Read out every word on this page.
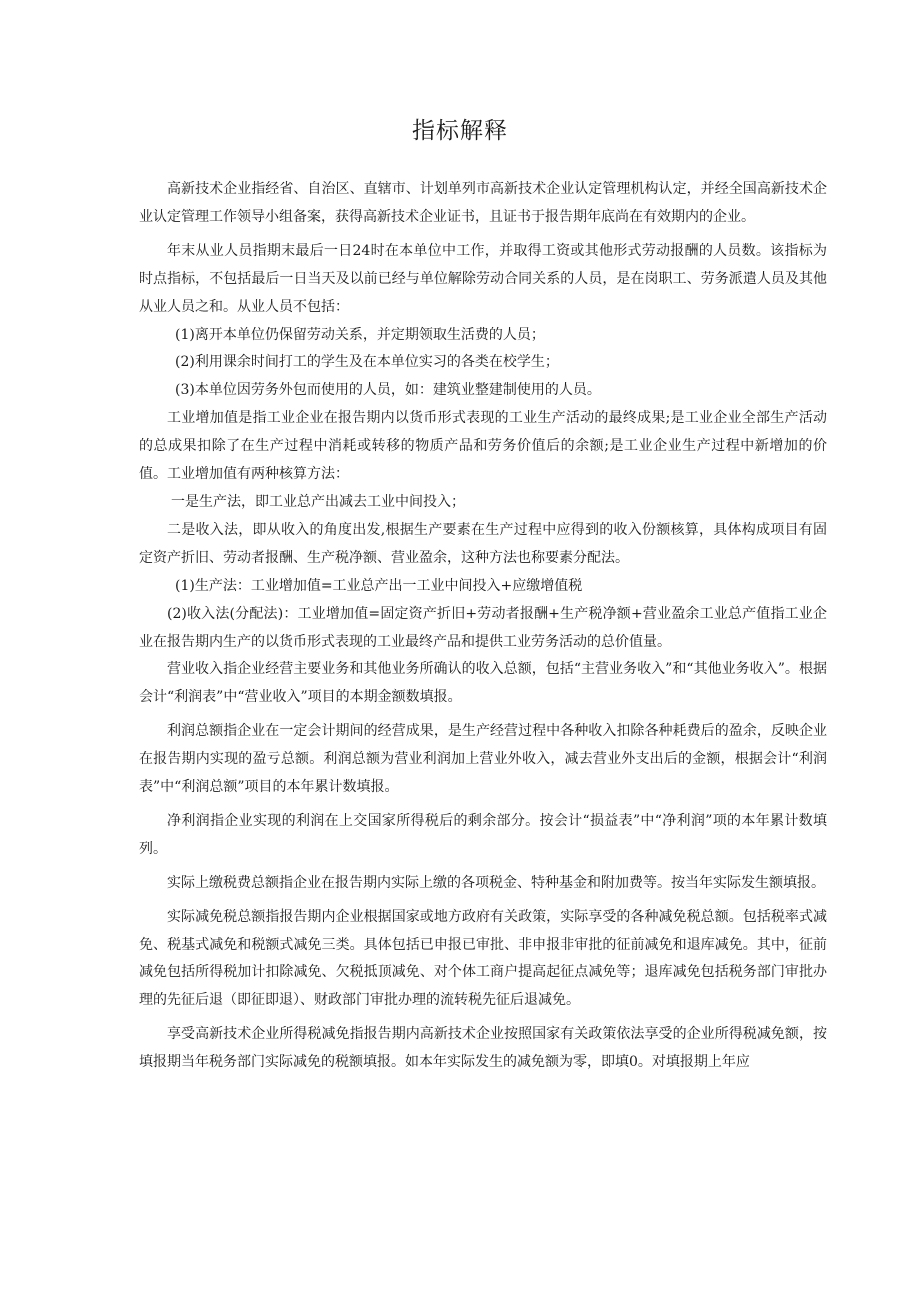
指标解释

高新技术企业指经省、自治区、直辖市、计划单列市高新技术企业认定管理机构认定，并经全国高新技术企业认定管理工作领导小组备案，获得高新技术企业证书，且证书于报告期年底尚在有效期内的企业。

年末从业人员指期末最后一日24时在本单位中工作，并取得工资或其他形式劳动报酬的人员数。该指标为时点指标，不包括最后一日当天及以前已经与单位解除劳动合同关系的人员，是在岗职工、劳务派遣人员及其他从业人员之和。从业人员不包括：

(1)离开本单位仍保留劳动关系，并定期领取生活费的人员；

(2)利用课余时间打工的学生及在本单位实习的各类在校学生；

(3)本单位因劳务外包而使用的人员，如：建筑业整建制使用的人员。

工业增加值是指工业企业在报告期内以货币形式表现的工业生产活动的最终成果;是工业企业全部生产活动的总成果扣除了在生产过程中消耗或转移的物质产品和劳务价值后的余额;是工业企业生产过程中新增加的价值。工业增加值有两种核算方法：

一是生产法，即工业总产出减去工业中间投入；

二是收入法，即从收入的角度出发,根据生产要素在生产过程中应得到的收入份额核算，具体构成项目有固定资产折旧、劳动者报酬、生产税净额、营业盈余，这种方法也称要素分配法。

(1)生产法：工业增加值=工业总产出一工业中间投入+应缴增值税

(2)收入法(分配法)：工业增加值=固定资产折旧+劳动者报酬+生产税净额+营业盈余工业总产值指工业企业在报告期内生产的以货币形式表现的工业最终产品和提供工业劳务活动的总价值量。

营业收入指企业经营主要业务和其他业务所确认的收入总额，包括“主营业务收入”和“其他业务收入”。根据会计“利润表”中“营业收入”项目的本期金额数填报。

利润总额指企业在一定会计期间的经营成果，是生产经营过程中各种收入扣除各种耗费后的盈余，反映企业在报告期内实现的盈亏总额。利润总额为营业利润加上营业外收入，减去营业外支出后的金额，根据会计“利润表”中“利润总额”项目的本年累计数填报。

净利润指企业实现的利润在上交国家所得税后的剩余部分。按会计“损益表”中“净利润”项的本年累计数填列。

实际上缴税费总额指企业在报告期内实际上缴的各项税金、特种基金和附加费等。按当年实际发生额填报。

实际减免税总额指报告期内企业根据国家或地方政府有关政策，实际享受的各种减免税总额。包括税率式减免、税基式减免和税额式减免三类。具体包括已申报已审批、非申报非审批的征前减免和退库减免。其中，征前减免包括所得税加计扣除减免、欠税抵顶减免、对个体工商户提高起征点减免等；退库减免包括税务部门审批办理的先征后退（即征即退）、财政部门审批办理的流转税先征后退减免。

享受高新技术企业所得税减免指报告期内高新技术企业按照国家有关政策依法享受的企业所得税减免额，按填报期当年税务部门实际减免的税额填报。如本年实际发生的减免额为零，即填0。对填报期上年应
